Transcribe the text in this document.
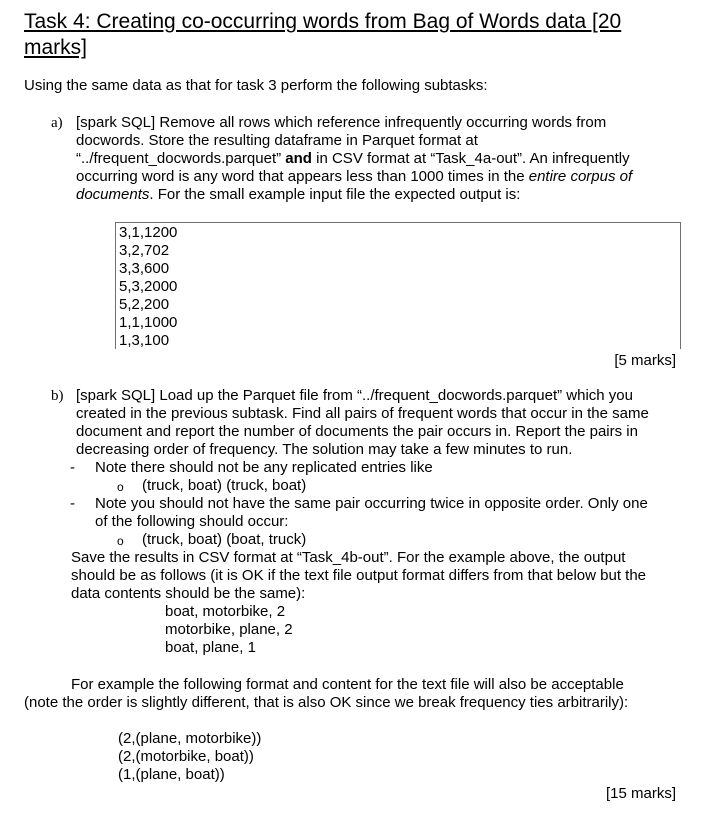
Task 4: Creating co-occurring words from Bag of Words data [20
marks]
Using the same data as that for task 3 perform the following subtasks:
a) [spark SQL] Remove all rows which reference infrequently occurring words from
docwords. Store the resulting dataframe in Parquet format at
“../frequent_docwords.parquet” and in CSV format at “Task_4a-out”. An infrequently
occurring word is any word that appears less than 1000 times in the entire corpus of
documents. For the small example input file the expected output is:
3,1,1200
3,2,702
3,3,600
5,3,2000
5,2,200
1,1,1000
1,3,100
[5 marks]
b) [spark SQL] Load up the Parquet file from “../frequent_docwords.parquet” which you
created in the previous subtask. Find all pairs of frequent words that occur in the same
document and report the number of documents the pair occurs in. Report the pairs in
decreasing order of frequency. The solution may take a few minutes to run.
- Note there should not be any replicated entries like
o (truck, boat) (truck, boat)
- Note you should not have the same pair occurring twice in opposite order. Only one
of the following should occur:
o (truck, boat) (boat, truck)
Save the results in CSV format at “Task_4b-out”. For the example above, the output
should be as follows (it is OK if the text file output format differs from that below but the
data contents should be the same):
boat, motorbike, 2
motorbike, plane, 2
boat, plane, 1
For example the following format and content for the text file will also be acceptable
(note the order is slightly different, that is also OK since we break frequency ties arbitrarily):
(2,(plane, motorbike))
(2,(motorbike, boat))
(1,(plane, boat))
[15 marks]
